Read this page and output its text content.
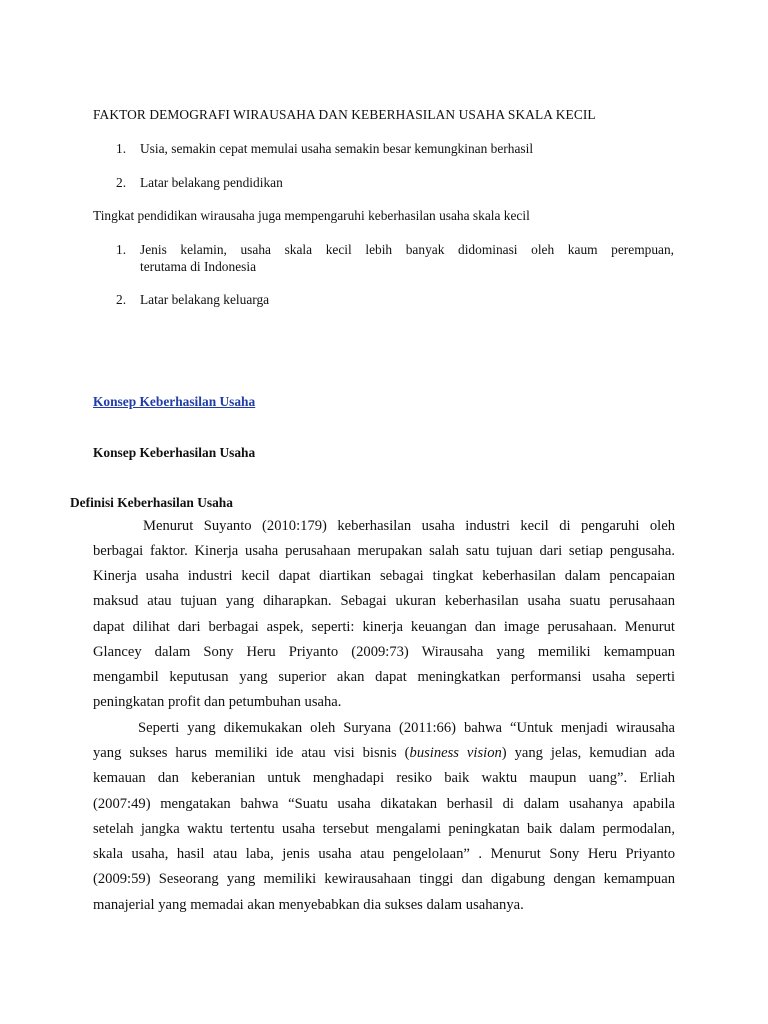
FAKTOR DEMOGRAFI WIRAUSAHA DAN KEBERHASILAN USAHA SKALA KECIL
1. Usia, semakin cepat memulai usaha semakin besar kemungkinan berhasil
2. Latar belakang pendidikan
Tingkat pendidikan wirausaha juga mempengaruhi keberhasilan usaha skala kecil
1. Jenis kelamin, usaha skala kecil lebih banyak didominasi oleh kaum perempuan,
terutama di Indonesia
2. Latar belakang keluarga
Konsep Keberhasilan Usaha
Konsep Keberhasilan Usaha
Definisi Keberhasilan Usaha
Menurut Suyanto (2010:179) keberhasilan usaha industri kecil di pengaruhi oleh
berbagai faktor. Kinerja usaha perusahaan merupakan salah satu tujuan dari setiap pengusaha.
Kinerja usaha industri kecil dapat diartikan sebagai tingkat keberhasilan dalam pencapaian
maksud atau tujuan yang diharapkan. Sebagai ukuran keberhasilan usaha suatu perusahaan
dapat dilihat dari berbagai aspek, seperti: kinerja keuangan dan image perusahaan. Menurut
Glancey dalam Sony Heru Priyanto (2009:73) Wirausaha yang memiliki kemampuan
mengambil keputusan yang superior akan dapat meningkatkan performansi usaha seperti
peningkatan profit dan petumbuhan usaha.
Seperti yang dikemukakan oleh Suryana (2011:66) bahwa “Untuk menjadi wirausaha
yang sukses harus memiliki ide atau visi bisnis (business vision) yang jelas, kemudian ada
kemauan dan keberanian untuk menghadapi resiko baik waktu maupun uang”. Erliah
(2007:49) mengatakan bahwa “Suatu usaha dikatakan berhasil di dalam usahanya apabila
setelah jangka waktu tertentu usaha tersebut mengalami peningkatan baik dalam permodalan,
skala usaha, hasil atau laba, jenis usaha atau pengelolaan” . Menurut Sony Heru Priyanto
(2009:59) Seseorang yang memiliki kewirausahaan tinggi dan digabung dengan kemampuan
manajerial yang memadai akan menyebabkan dia sukses dalam usahanya.
